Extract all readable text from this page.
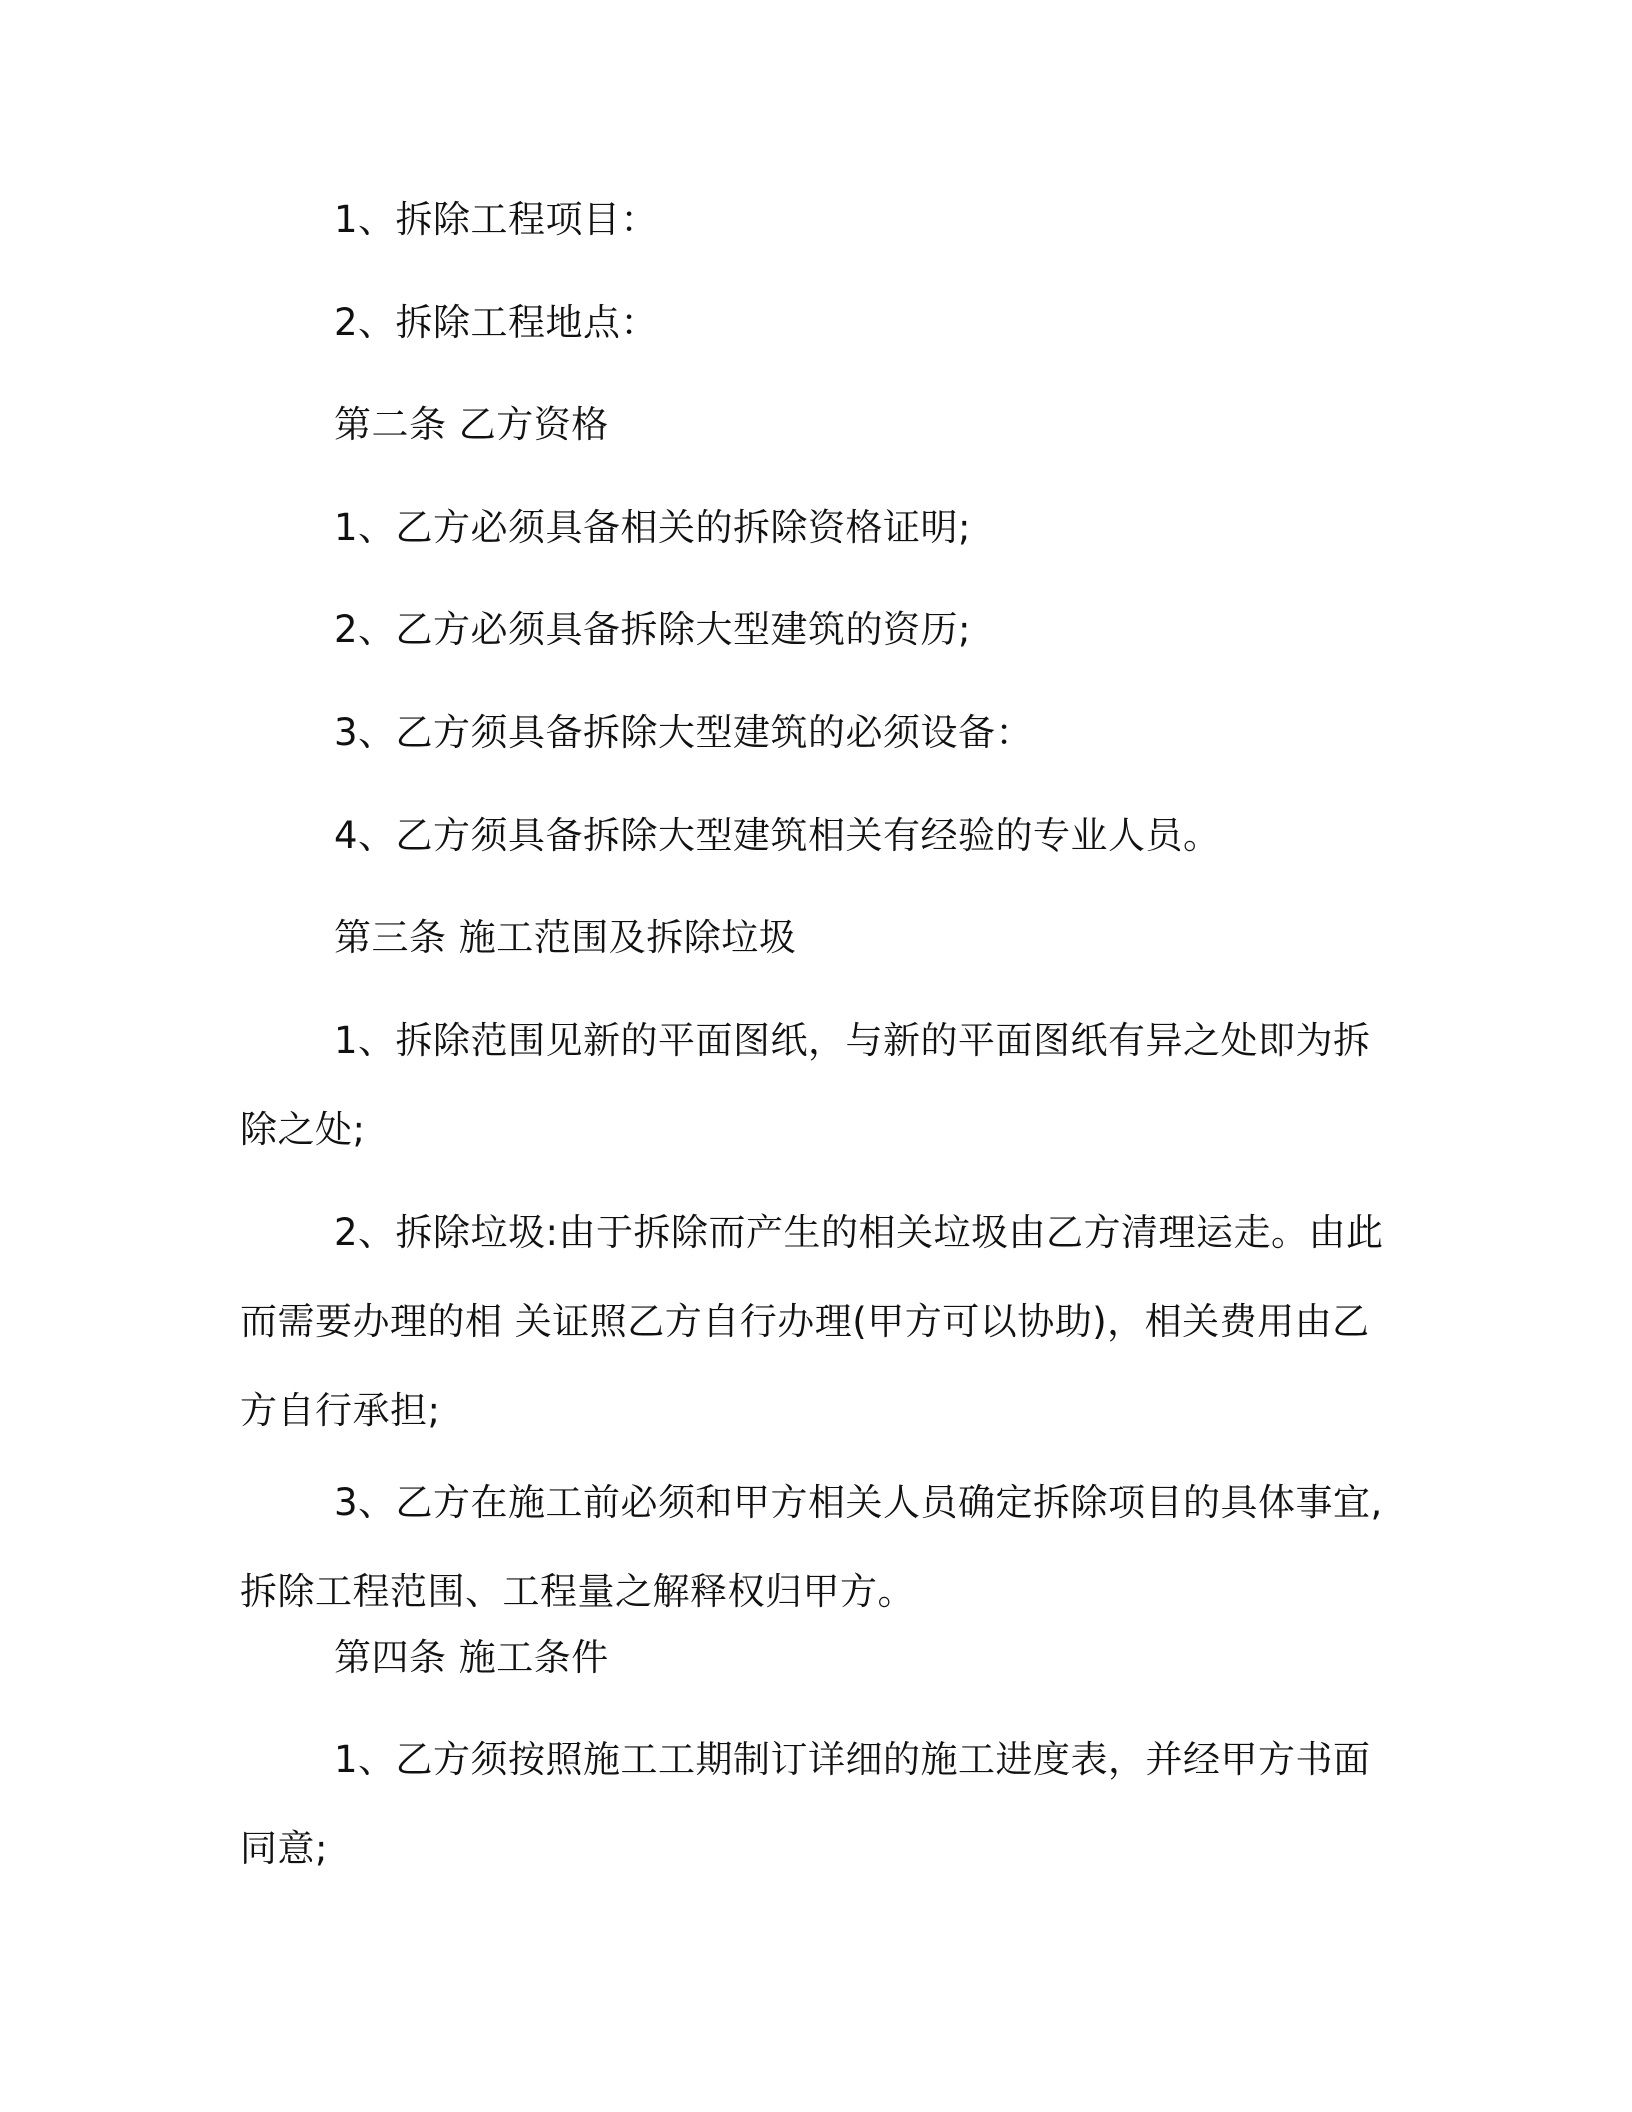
1、拆除工程项目：

2、拆除工程地点：

第二条 乙方资格

1、乙方必须具备相关的拆除资格证明;

2、乙方必须具备拆除大型建筑的资历;

3、乙方须具备拆除大型建筑的必须设备：

4、乙方须具备拆除大型建筑相关有经验的专业人员。

第三条 施工范围及拆除垃圾

1、拆除范围见新的平面图纸，与新的平面图纸有异之处即为拆除之处;

2、拆除垃圾:由于拆除而产生的相关垃圾由乙方清理运走。由此而需要办理的相 关证照乙方自行办理(甲方可以协助)，相关费用由乙方自行承担;

3、乙方在施工前必须和甲方相关人员确定拆除项目的具体事宜,拆除工程范围、工程量之解释权归甲方。

第四条 施工条件

1、乙方须按照施工工期制订详细的施工进度表，并经甲方书面同意;
